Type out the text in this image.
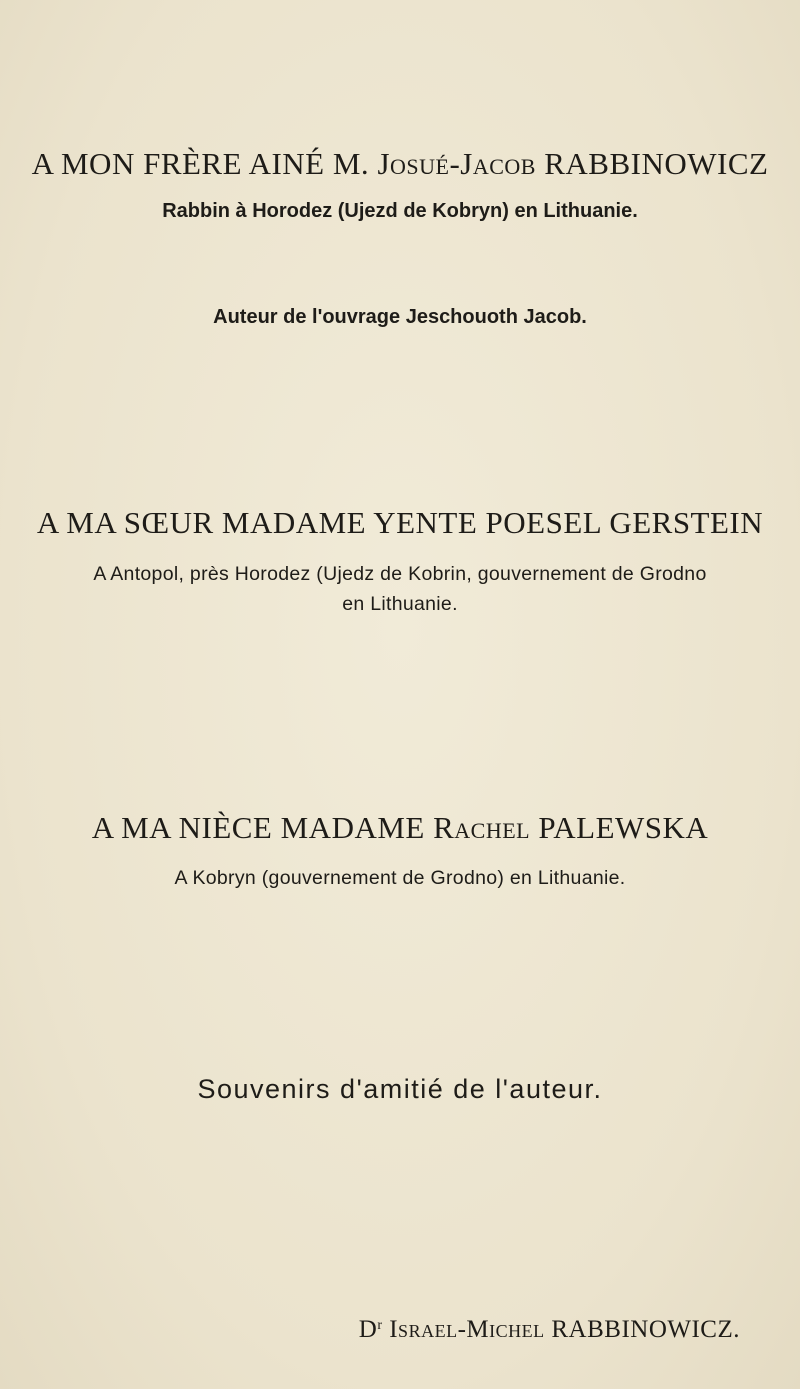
A MON FRÈRE AINÉ M. Josué-Jacob RABBINOWICZ
Rabbin à Horodez (Ujezd de Kobryn) en Lithuanie.
Auteur de l'ouvrage Jeschouoth Jacob.
A MA SŒUR MADAME YENTE POESEL GERSTEIN
A Antopol, près Horodez (Ujedz de Kobrin, gouvernement de Grodno
en Lithuanie.
A MA NIÈCE MADAME Rachel PALEWSKA
A Kobryn (gouvernement de Grodno) en Lithuanie.
Souvenirs d'amitié de l'auteur.
$D^r$ Israel-Michel RABBINOWICZ.
